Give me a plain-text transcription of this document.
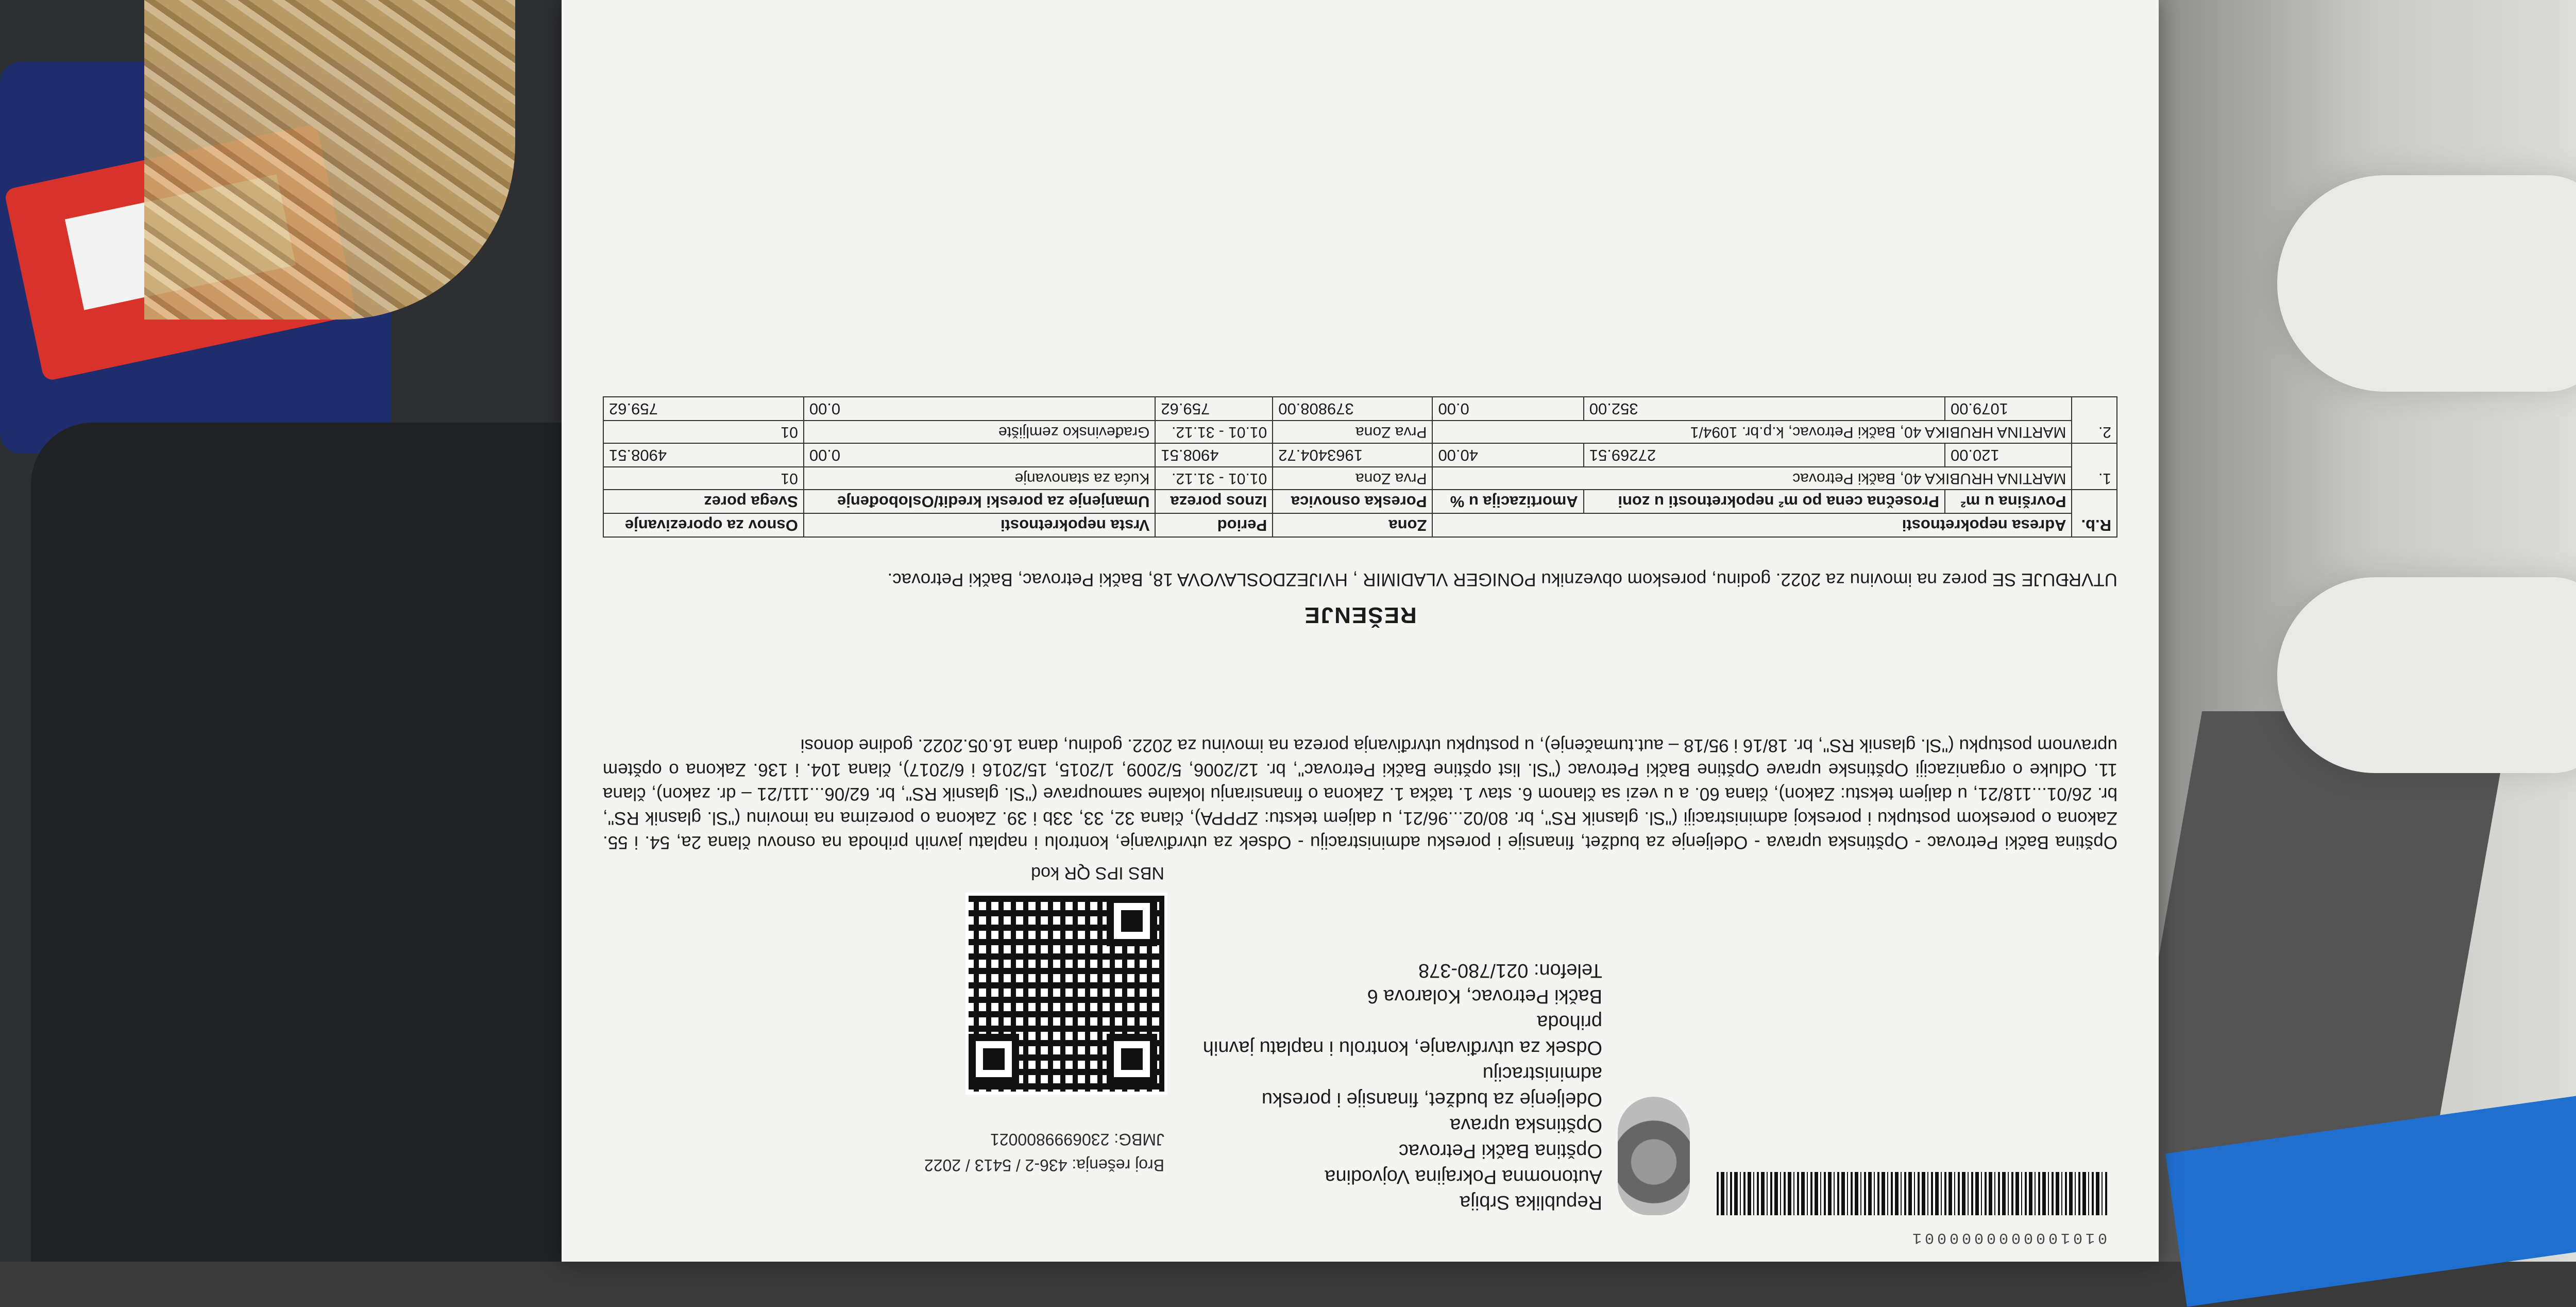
0101000000000001
Republika Srbija
Autonomna Pokrajina Vojvodina
Opština Bački Petrovac
Opštinska uprava
Odeljenje za budžet, finansije i poresku
administraciju
Odsek za utvrđivanje, kontrolu i naplatu javnih
prihoda
Bački Petrovac, Kolarova 6
Telefon: 021/780-378
Broj rešenja: 436-2 / 5413 / 2022
JMBG: 2306999800021
NBS IPS QR kod
Opština Bački Petrovac - Opštinska uprava - Odeljenje za budžet, finansije i poresku administraciju - Odsek za utvrđivanje, kontrolu i naplatu javnih prihoda na osnovu člana 2a, 54. i 55. Zakona o poreskom postupku i poreskoj administraciji ("Sl. glasnik RS", br. 80/02...96/21, u daljem tekstu: ZPPPA), člana 32, 33, 33b i 39. Zakona o porezima na imovinu ("Sl. glasnik RS", br. 26/01...118/21, u daljem tekstu: Zakon), člana 60. a u vezi sa članom 6. stav 1. tačka 1. Zakona o finansiranju lokalne samouprave ("Sl. glasnik RS", br. 62/06...111/21 – dr. zakon), člana 11. Odluke o organizaciji Opštinske uprave Opštine Bački Petrovac ("Sl. list opštine Bački Petrovac", br. 12/2006, 5/2009, 1/2015, 15/2016 i 6/2017), člana 104. i 136. Zakona o opštem upravnom postupku ("Sl. glasnik RS", br. 18/16 i 95/18 – aut.tumačenje), u postupku utvrđivanja poreza na imovinu za 2022. godinu, dana 16.05.2022. godine donosi
REŠENJE
UTVRĐUJE SE porez na imovinu za 2022. godinu, poreskom obvezniku PONIGER VLADIMIR , HVIJEZDOSLAVOVA 18, Bački Petrovac, Bački Petrovac.
R.b.	Adresa nepokretnosti			Zona	Period	Vrsta nepokretnosti	Osnov za oporezivanje
	Površina u m²	Prosečna cena po m² nepokretnosti u zoni	Amortizacija u %	Poreska osnovica	Iznos poreza	Umanjenje za poreski kredit/Oslobođenje	Svega porez
1.	MARTINA HRUBIKA 40, Bački Petrovac			Prva Zona	01.01 - 31.12.	Kuća za stanovanje	01
	120.00	27269.51	40.00	1963404.72	4908.51	0.00	4908.51
2.	MARTINA HRUBIKA 40, Bački Petrovac, k.p.br. 1094/1			Prva Zona	01.01 - 31.12.	Građevinsko zemljište	01
	1079.00	352.00	0.00	379808.00	759.62	0.00	759.62
